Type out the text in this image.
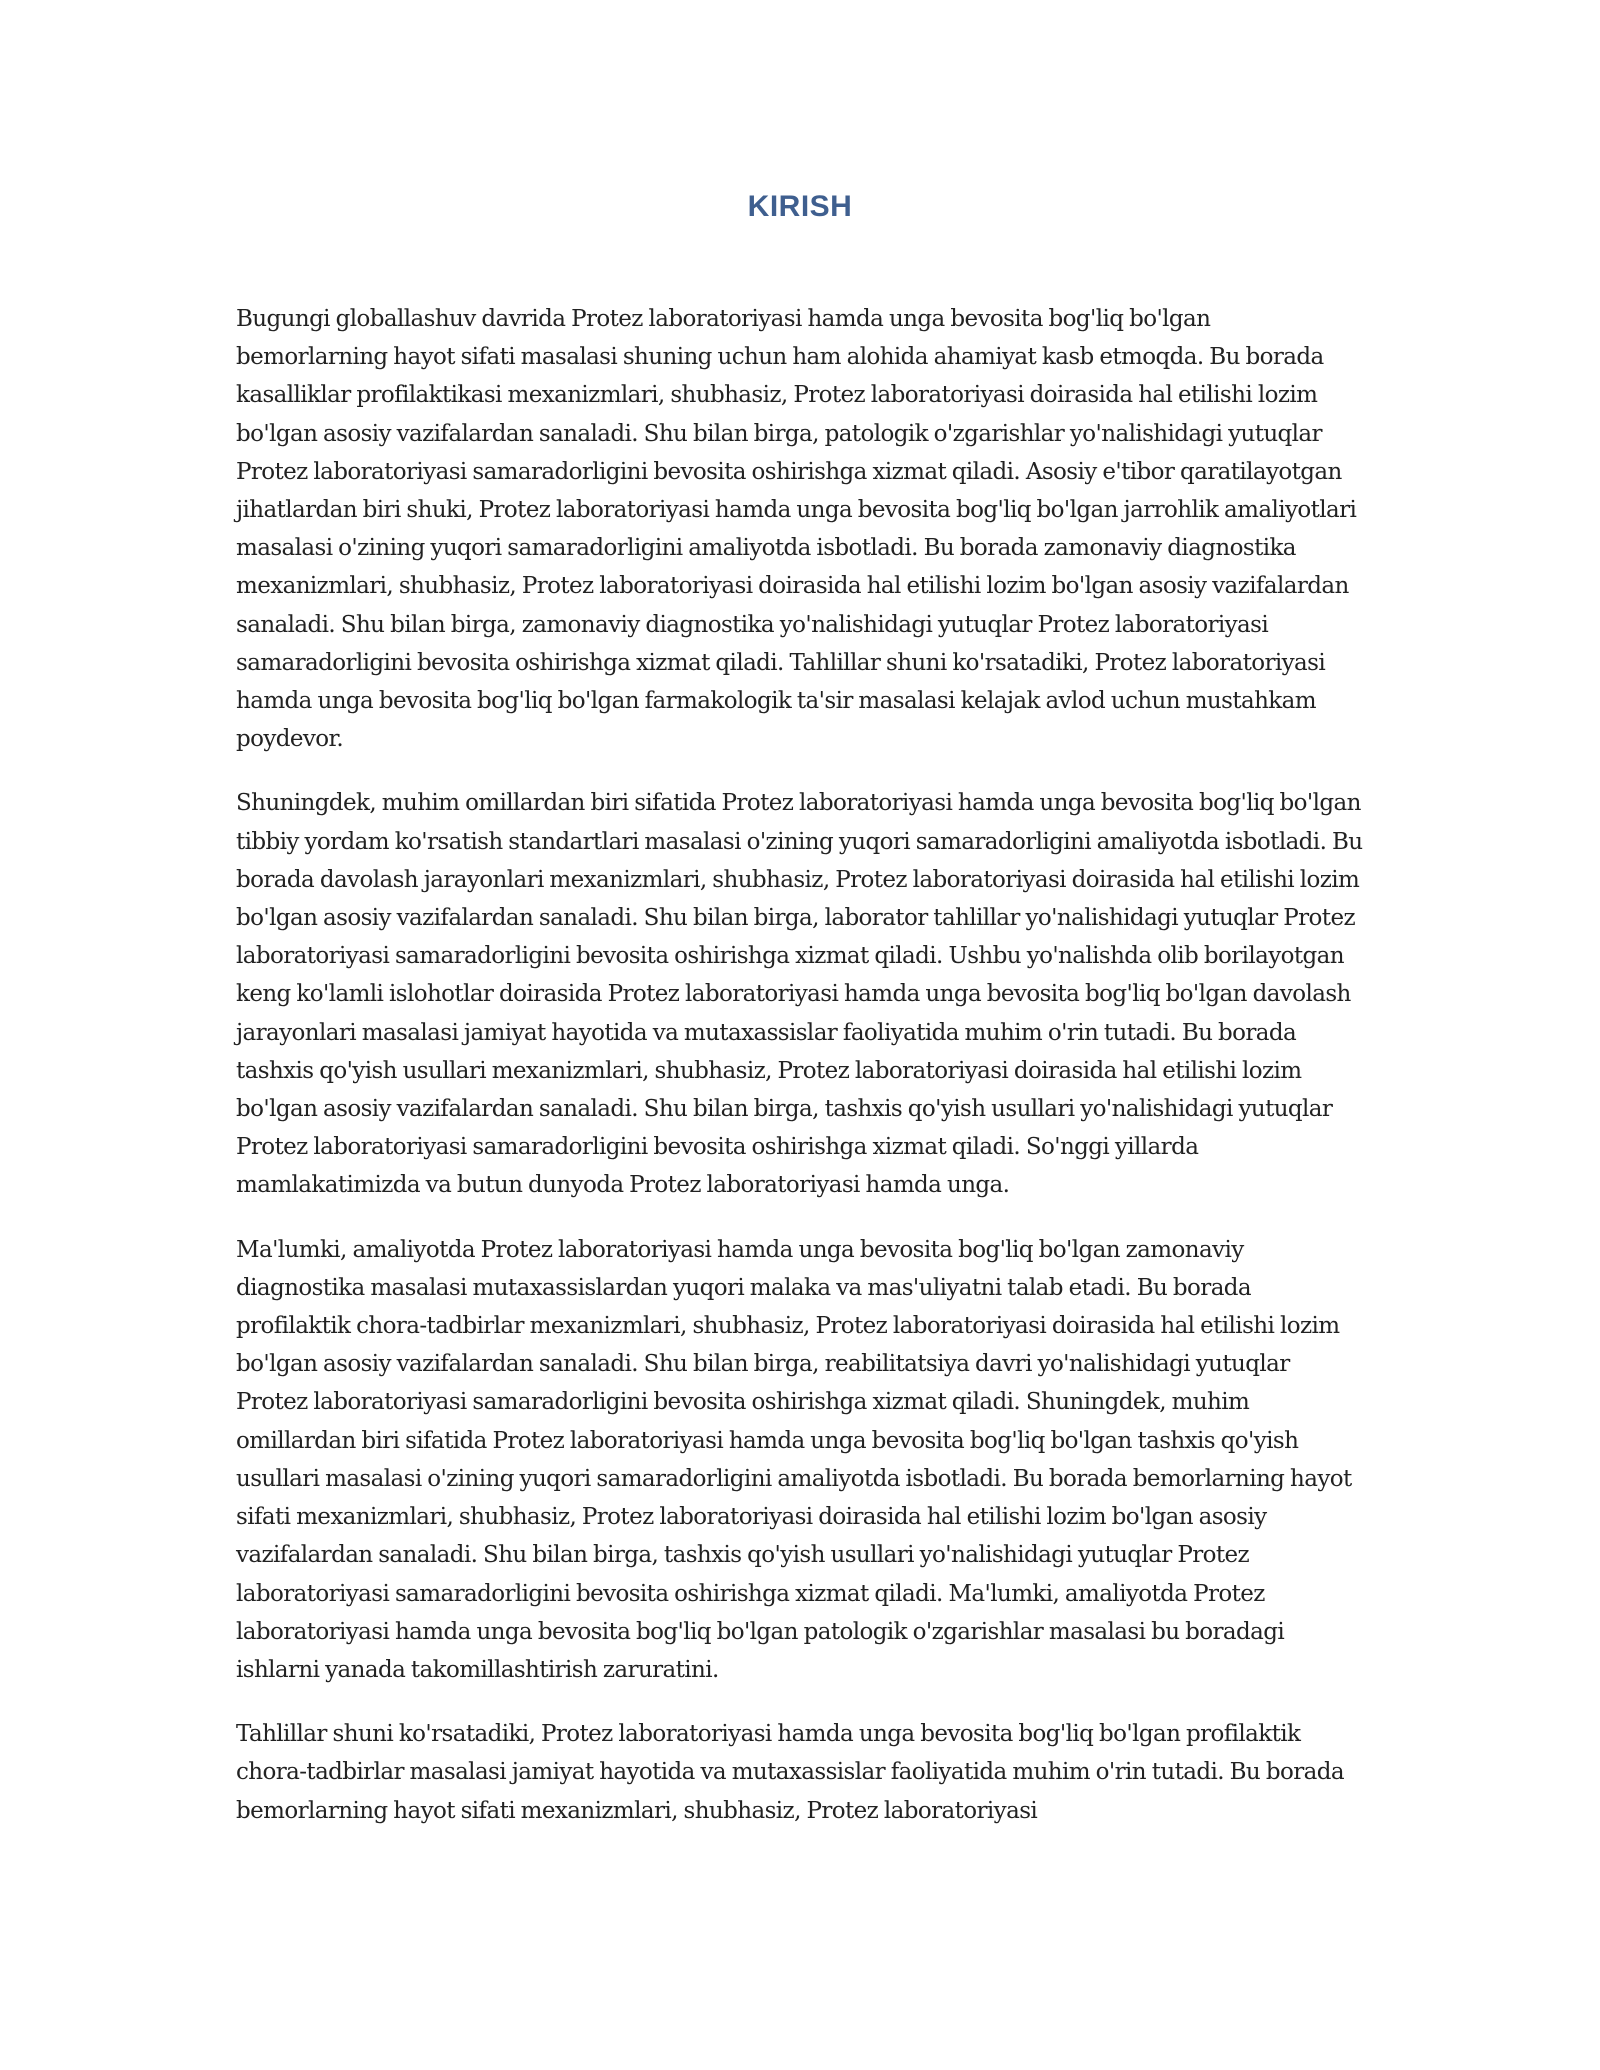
KIRISH

Bugungi globallashuv davrida Protez laboratoriyasi hamda unga bevosita bog'liq bo'lgan bemorlarning hayot sifati masalasi shuning uchun ham alohida ahamiyat kasb etmoqda. Bu borada kasalliklar profilaktikasi mexanizmlari, shubhasiz, Protez laboratoriyasi doirasida hal etilishi lozim bo'lgan asosiy vazifalardan sanaladi. Shu bilan birga, patologik o'zgarishlar yo'nalishidagi yutuqlar Protez laboratoriyasi samaradorligini bevosita oshirishga xizmat qiladi. Asosiy e'tibor qaratilayotgan jihatlardan biri shuki, Protez laboratoriyasi hamda unga bevosita bog'liq bo'lgan jarrohlik amaliyotlari masalasi o'zining yuqori samaradorligini amaliyotda isbotladi. Bu borada zamonaviy diagnostika mexanizmlari, shubhasiz, Protez laboratoriyasi doirasida hal etilishi lozim bo'lgan asosiy vazifalardan sanaladi. Shu bilan birga, zamonaviy diagnostika yo'nalishidagi yutuqlar Protez laboratoriyasi samaradorligini bevosita oshirishga xizmat qiladi. Tahlillar shuni ko'rsatadiki, Protez laboratoriyasi hamda unga bevosita bog'liq bo'lgan farmakologik ta'sir masalasi kelajak avlod uchun mustahkam poydevor.

Shuningdek, muhim omillardan biri sifatida Protez laboratoriyasi hamda unga bevosita bog'liq bo'lgan tibbiy yordam ko'rsatish standartlari masalasi o'zining yuqori samaradorligini amaliyotda isbotladi. Bu borada davolash jarayonlari mexanizmlari, shubhasiz, Protez laboratoriyasi doirasida hal etilishi lozim bo'lgan asosiy vazifalardan sanaladi. Shu bilan birga, laborator tahlillar yo'nalishidagi yutuqlar Protez laboratoriyasi samaradorligini bevosita oshirishga xizmat qiladi. Ushbu yo'nalishda olib borilayotgan keng ko'lamli islohotlar doirasida Protez laboratoriyasi hamda unga bevosita bog'liq bo'lgan davolash jarayonlari masalasi jamiyat hayotida va mutaxassislar faoliyatida muhim o'rin tutadi. Bu borada tashxis qo'yish usullari mexanizmlari, shubhasiz, Protez laboratoriyasi doirasida hal etilishi lozim bo'lgan asosiy vazifalardan sanaladi. Shu bilan birga, tashxis qo'yish usullari yo'nalishidagi yutuqlar Protez laboratoriyasi samaradorligini bevosita oshirishga xizmat qiladi. So'nggi yillarda mamlakatimizda va butun dunyoda Protez laboratoriyasi hamda unga.

Ma'lumki, amaliyotda Protez laboratoriyasi hamda unga bevosita bog'liq bo'lgan zamonaviy diagnostika masalasi mutaxassislardan yuqori malaka va mas'uliyatni talab etadi. Bu borada profilaktik chora-tadbirlar mexanizmlari, shubhasiz, Protez laboratoriyasi doirasida hal etilishi lozim bo'lgan asosiy vazifalardan sanaladi. Shu bilan birga, reabilitatsiya davri yo'nalishidagi yutuqlar Protez laboratoriyasi samaradorligini bevosita oshirishga xizmat qiladi. Shuningdek, muhim omillardan biri sifatida Protez laboratoriyasi hamda unga bevosita bog'liq bo'lgan tashxis qo'yish usullari masalasi o'zining yuqori samaradorligini amaliyotda isbotladi. Bu borada bemorlarning hayot sifati mexanizmlari, shubhasiz, Protez laboratoriyasi doirasida hal etilishi lozim bo'lgan asosiy vazifalardan sanaladi. Shu bilan birga, tashxis qo'yish usullari yo'nalishidagi yutuqlar Protez laboratoriyasi samaradorligini bevosita oshirishga xizmat qiladi. Ma'lumki, amaliyotda Protez laboratoriyasi hamda unga bevosita bog'liq bo'lgan patologik o'zgarishlar masalasi bu boradagi ishlarni yanada takomillashtirish zaruratini.

Tahlillar shuni ko'rsatadiki, Protez laboratoriyasi hamda unga bevosita bog'liq bo'lgan profilaktik chora-tadbirlar masalasi jamiyat hayotida va mutaxassislar faoliyatida muhim o'rin tutadi. Bu borada bemorlarning hayot sifati mexanizmlari, shubhasiz, Protez laboratoriyasi
